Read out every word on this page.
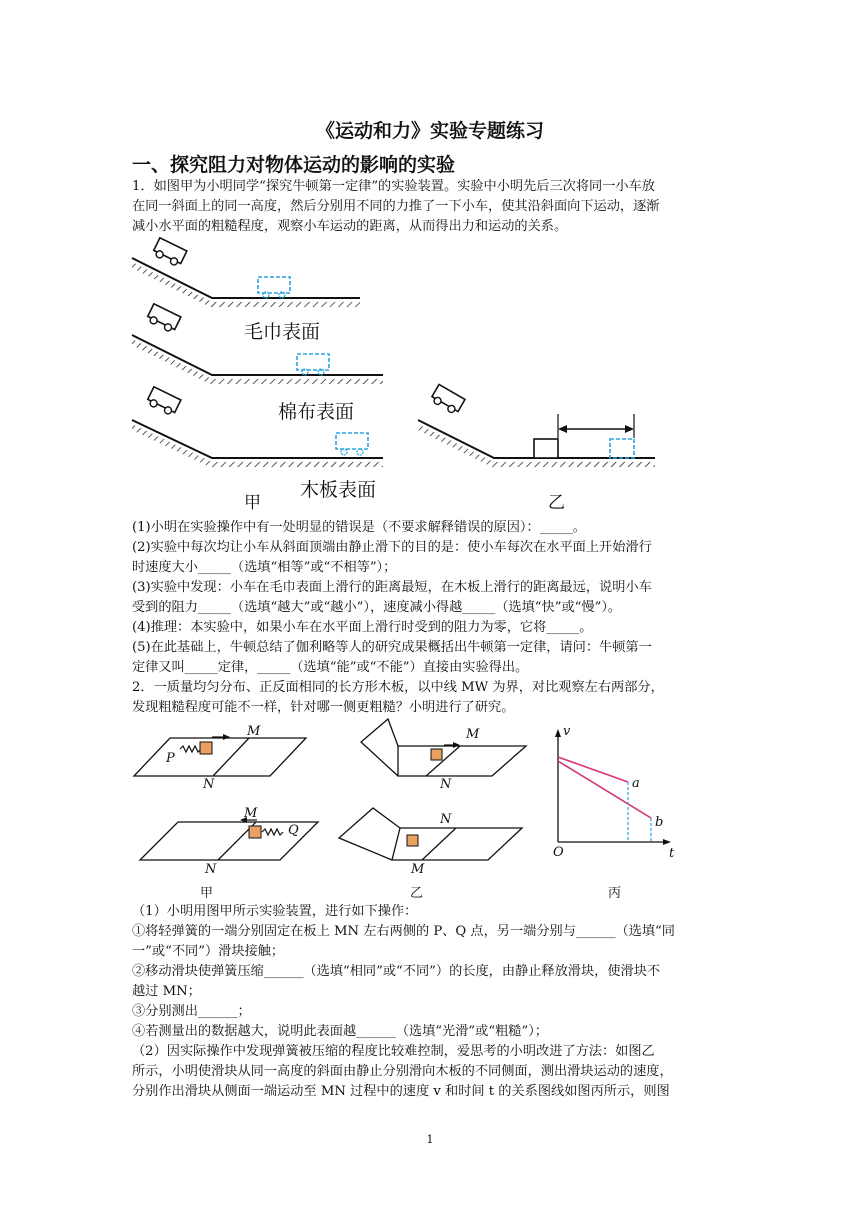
《运动和力》实验专题练习
一、探究阻力对物体运动的影响的实验
1．如图甲为小明同学“探究牛顿第一定律”的实验装置。实验中小明先后三次将同一小车放
在同一斜面上的同一高度，然后分别用不同的力推了一下小车，使其沿斜面向下运动，逐渐
减小水平面的粗糙程度，观察小车运动的距离，从而得出力和运动的关系。
毛巾表面
棉布表面
木板表面
甲	乙
(1)小明在实验操作中有一处明显的错误是（不要求解释错误的原因）：_____。
(2)实验中每次均让小车从斜面顶端由静止滑下的目的是：使小车每次在水平面上开始滑行
时速度大小_____（选填“相等”或“不相等”）；
(3)实验中发现：小车在毛巾表面上滑行的距离最短，在木板上滑行的距离最远，说明小车
受到的阻力_____（选填“越大”或“越小”），速度减小得越_____（选填“快”或“慢”）。
(4)推理：本实验中，如果小车在水平面上滑行时受到的阻力为零，它将_____。
(5)在此基础上，牛顿总结了伽利略等人的研究成果概括出牛顿第一定律，请问：牛顿第一
定律又叫_____定律，_____（选填“能”或“不能”）直接由实验得出。
2．一质量均匀分布、正反面相同的长方形木板，以中线 MW 为界，对比观察左右两部分，
发现粗糙程度可能不一样，针对哪一侧更粗糙？小明进行了研究。
M
P
N
M
Q
N
M
N
N
M
v
t
O
a
b
甲	乙	丙
（1）小明用图甲所示实验装置，进行如下操作：
①将轻弹簧的一端分别固定在板上 MN 左右两侧的 P、Q 点，另一端分别与______（选填“同
一”或“不同”）滑块接触；
②移动滑块使弹簧压缩______（选填“相同”或“不同”）的长度，由静止释放滑块，使滑块不
越过 MN；
③分别测出______；
④若测量出的数据越大，说明此表面越______（选填“光滑”或“粗糙”）；
（2）因实际操作中发现弹簧被压缩的程度比较难控制，爱思考的小明改进了方法：如图乙
所示，小明使滑块从同一高度的斜面由静止分别滑向木板的不同侧面，测出滑块运动的速度，
分别作出滑块从侧面一端运动至 MN 过程中的速度 v 和时间 t 的关系图线如图丙所示，则图
1
